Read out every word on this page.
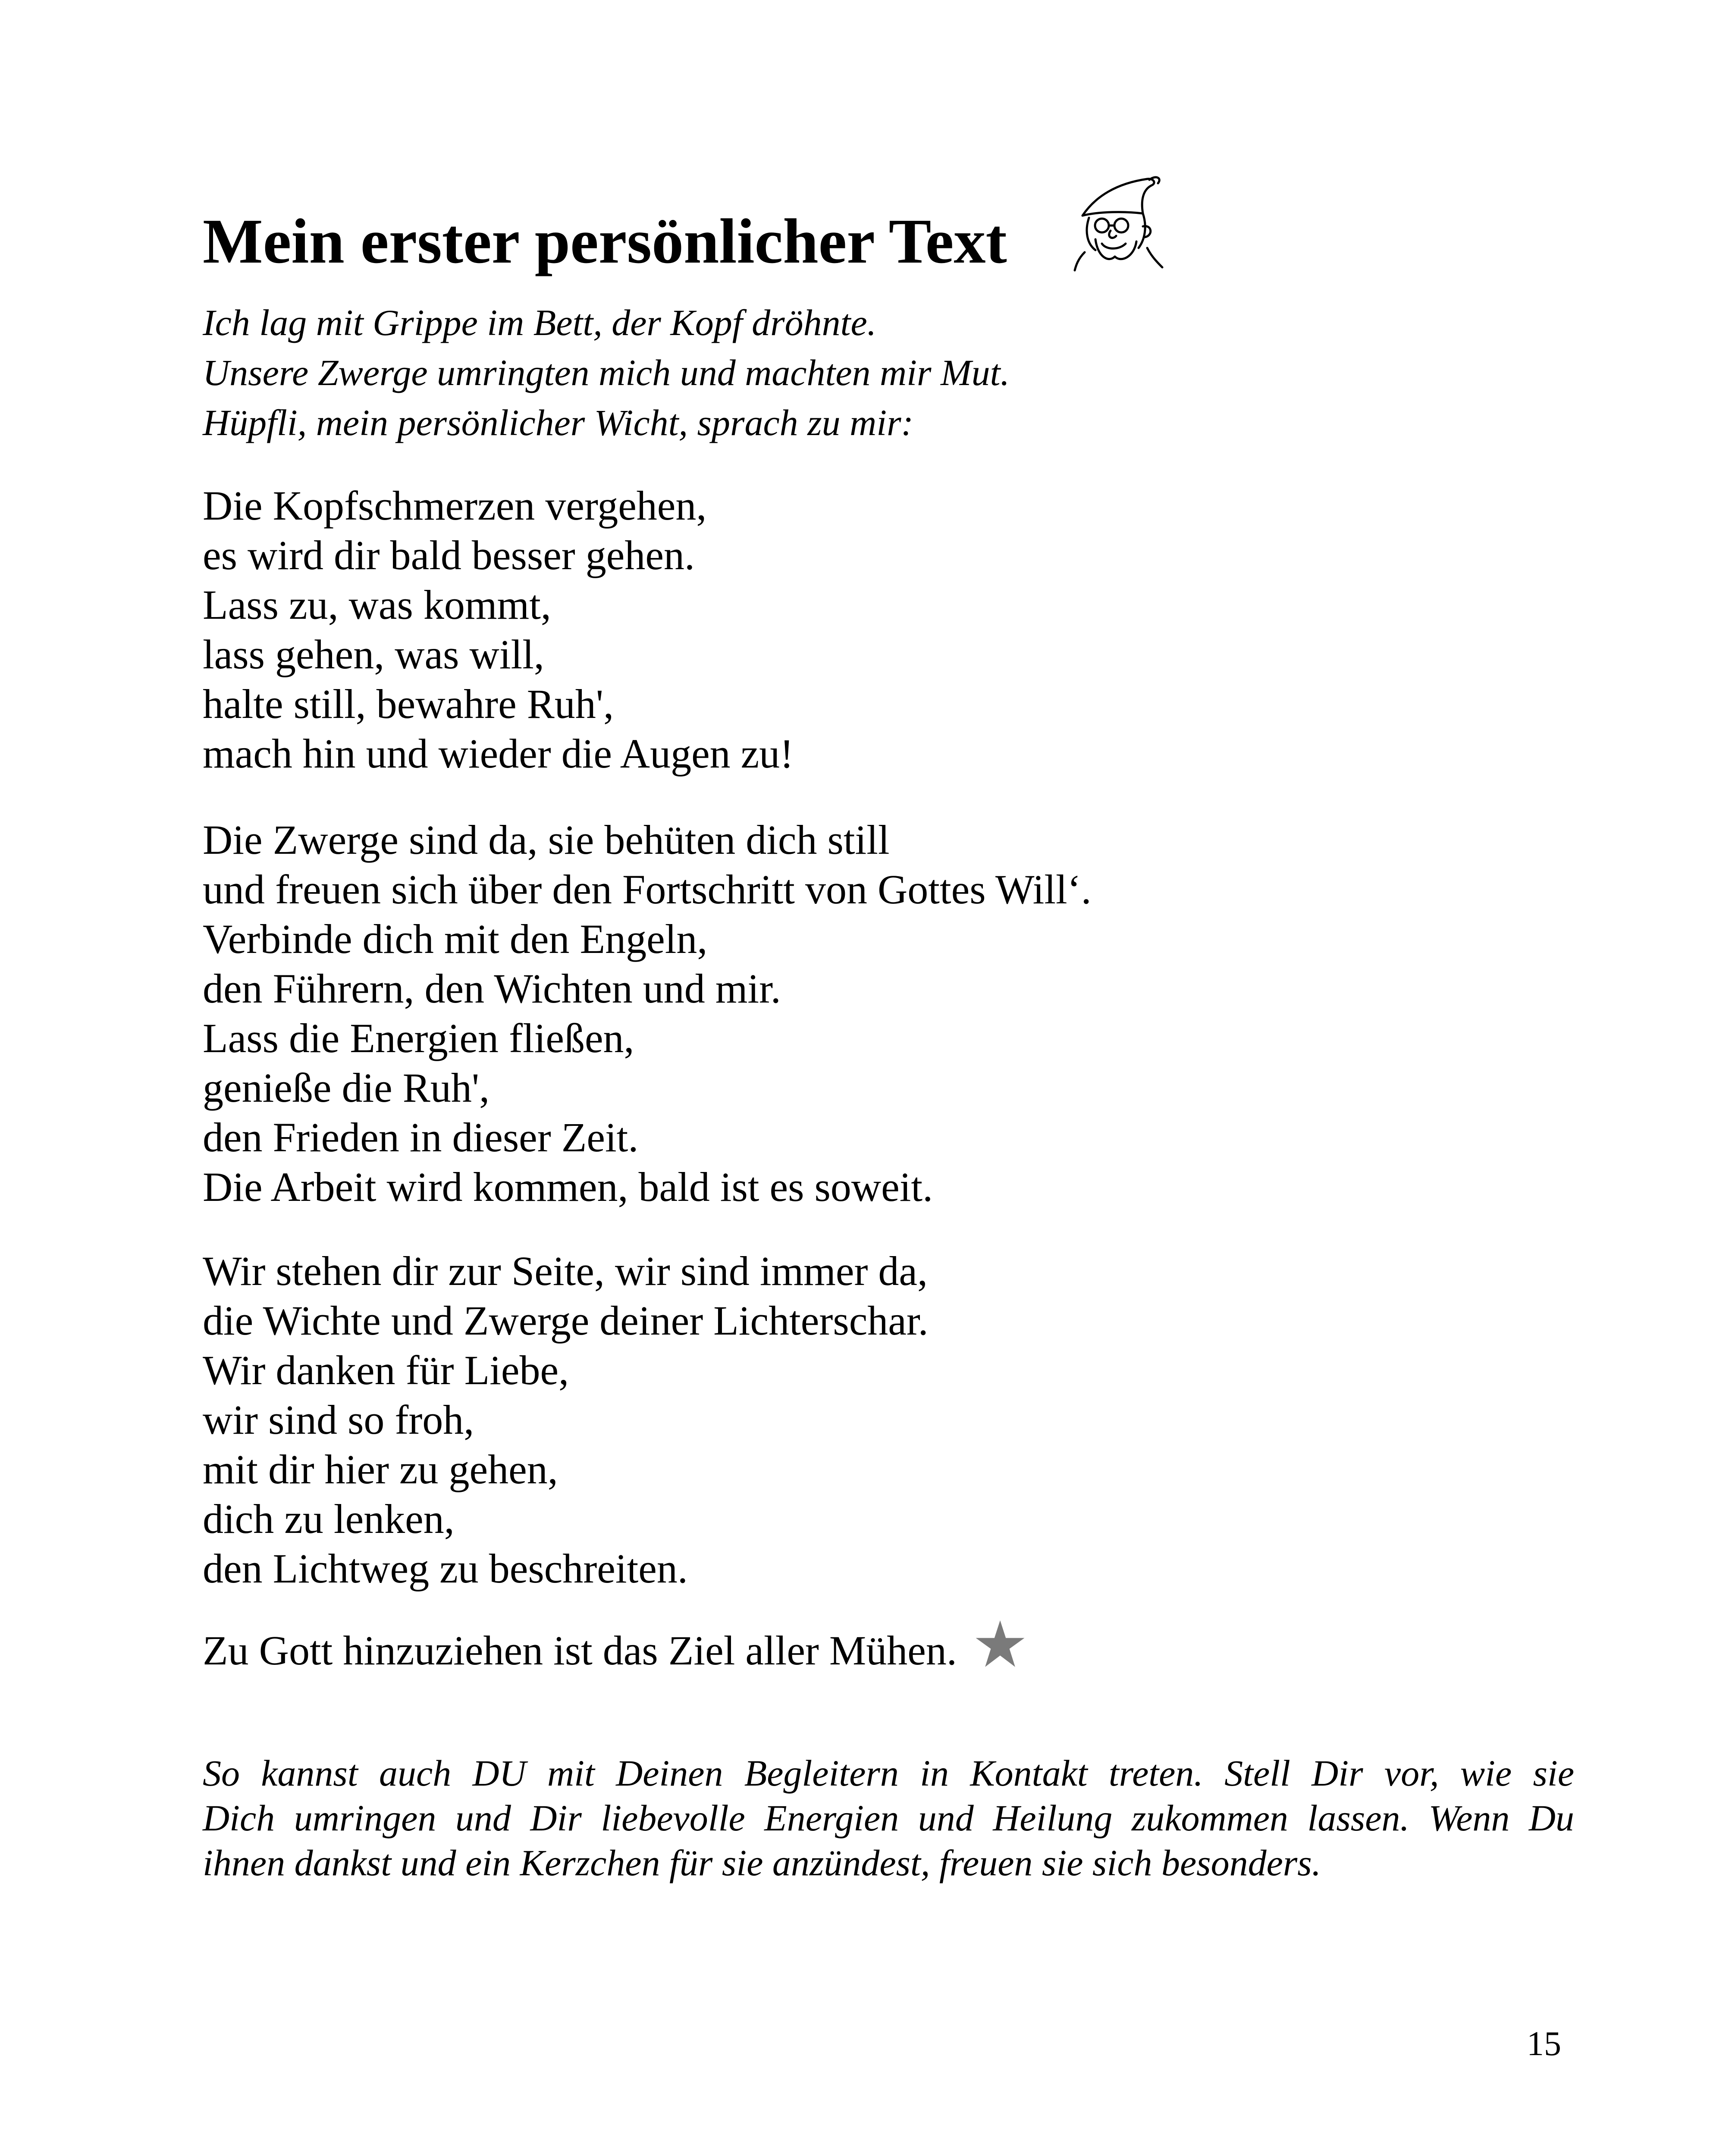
Mein erster persönlicher Text
Ich lag mit Grippe im Bett, der Kopf dröhnte.
Unsere Zwerge umringten mich und machten mir Mut.
Hüpfli, mein persönlicher Wicht, sprach zu mir:
Die Kopfschmerzen vergehen,
es wird dir bald besser gehen.
Lass zu, was kommt,
lass gehen, was will,
halte still, bewahre Ruh',
mach hin und wieder die Augen zu!
Die Zwerge sind da, sie behüten dich still
und freuen sich über den Fortschritt von Gottes Will‘.
Verbinde dich mit den Engeln,
den Führern, den Wichten und mir.
Lass die Energien fließen,
genieße die Ruh',
den Frieden in dieser Zeit.
Die Arbeit wird kommen, bald ist es soweit.
Wir stehen dir zur Seite, wir sind immer da,
die Wichte und Zwerge deiner Lichterschar.
Wir danken für Liebe,
wir sind so froh,
mit dir hier zu gehen,
dich zu lenken,
den Lichtweg zu beschreiten.
Zu Gott hinzuziehen ist das Ziel aller Mühen.
So kannst auch DU mit Deinen Begleitern in Kontakt treten. Stell Dir vor, wie sie
Dich umringen und Dir liebevolle Energien und Heilung zukommen lassen. Wenn Du
ihnen dankst und ein Kerzchen für sie anzündest, freuen sie sich besonders.
15
